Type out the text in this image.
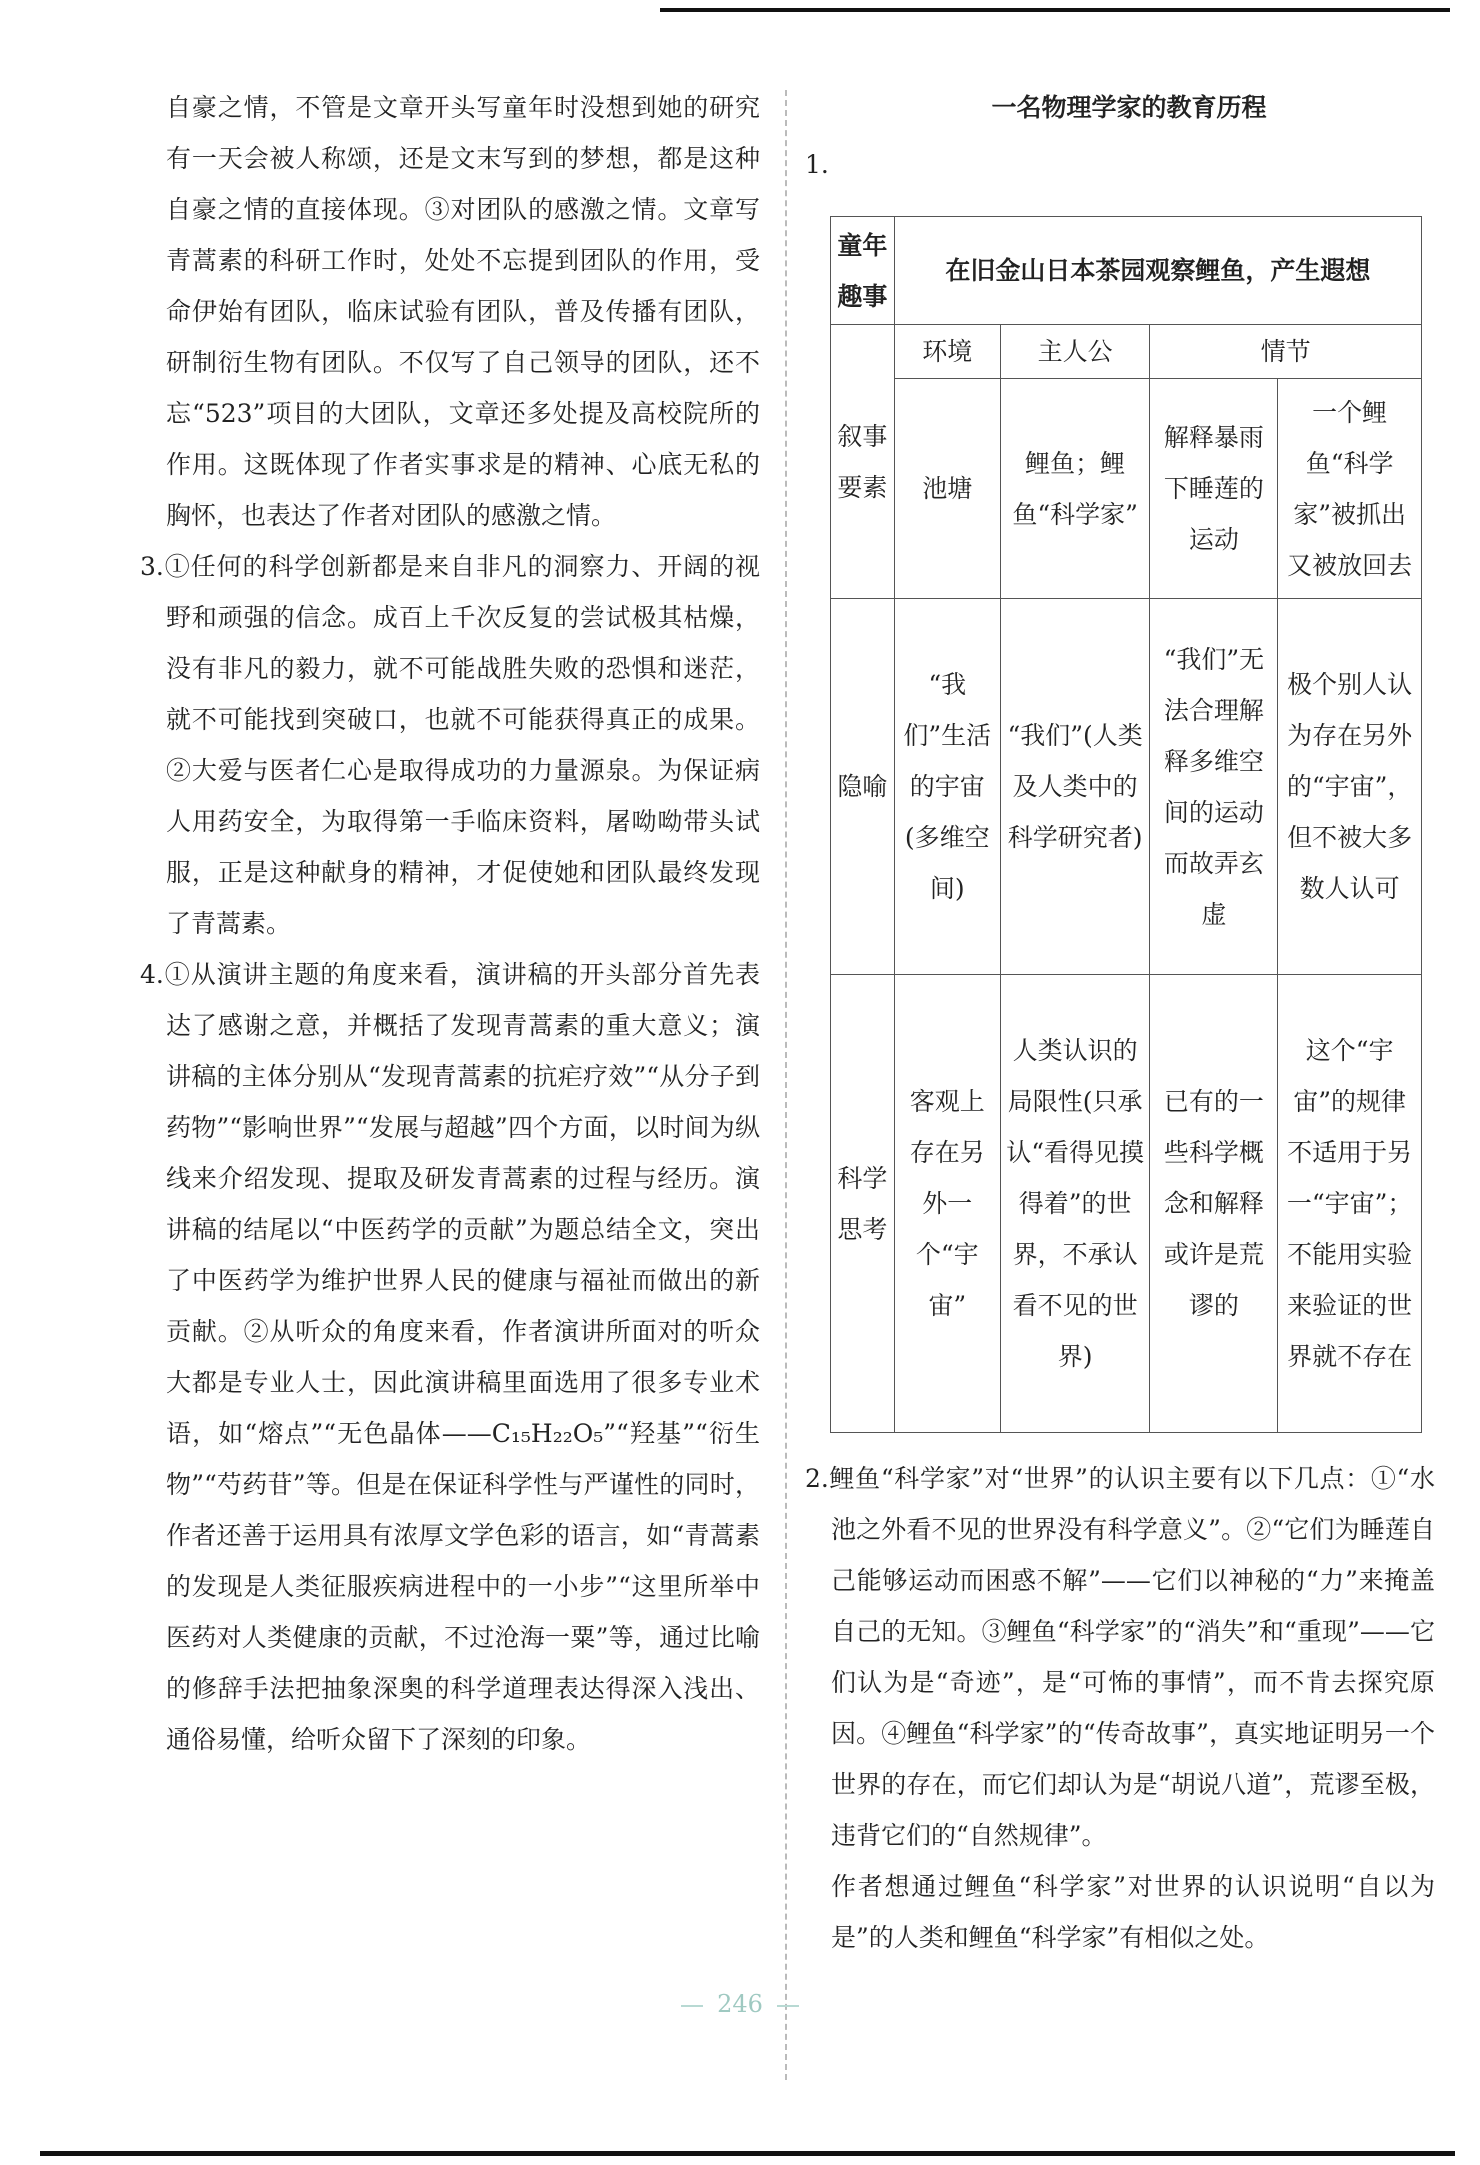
自豪之情，不管是文章开头写童年时没想到她的研究有一天会被人称颂，还是文末写到的梦想，都是这种自豪之情的直接体现。③对团队的感激之情。文章写青蒿素的科研工作时，处处不忘提到团队的作用，受命伊始有团队，临床试验有团队，普及传播有团队，研制衍生物有团队。不仅写了自己领导的团队，还不忘“523”项目的大团队，文章还多处提及高校院所的作用。这既体现了作者实事求是的精神、心底无私的胸怀，也表达了作者对团队的感激之情。

3.①任何的科学创新都是来自非凡的洞察力、开阔的视野和顽强的信念。成百上千次反复的尝试极其枯燥，没有非凡的毅力，就不可能战胜失败的恐惧和迷茫，就不可能找到突破口，也就不可能获得真正的成果。②大爱与医者仁心是取得成功的力量源泉。为保证病人用药安全，为取得第一手临床资料，屠呦呦带头试服，正是这种献身的精神，才促使她和团队最终发现了青蒿素。

4.①从演讲主题的角度来看，演讲稿的开头部分首先表达了感谢之意，并概括了发现青蒿素的重大意义；演讲稿的主体分别从“发现青蒿素的抗疟疗效”“从分子到药物”“影响世界”“发展与超越”四个方面，以时间为纵线来介绍发现、提取及研发青蒿素的过程与经历。演讲稿的结尾以“中医药学的贡献”为题总结全文，突出了中医药学为维护世界人民的健康与福祉而做出的新贡献。②从听众的角度来看，作者演讲所面对的听众大都是专业人士，因此演讲稿里面选用了很多专业术语，如“熔点”“无色晶体——C₁₅H₂₂O₅”“羟基”“衍生物”“芍药苷”等。但是在保证科学性与严谨性的同时，作者还善于运用具有浓厚文学色彩的语言，如“青蒿素的发现是人类征服疾病进程中的一小步”“这里所举中医药对人类健康的贡献，不过沧海一粟”等，通过比喻的修辞手法把抽象深奥的科学道理表达得深入浅出、通俗易懂，给听众留下了深刻的印象。

一名物理学家的教育历程
1.
童年趣事	在旧金山日本茶园观察鲤鱼，产生遐想			
叙事要素	环境	主人公	情节	
	池塘	鲤鱼；鲤鱼“科学家”	解释暴雨下睡莲的运动	一个鲤鱼“科学家”被抓出又被放回去
隐喻	“我们”生活的宇宙(多维空间)	“我们”(人类及人类中的科学研究者)	“我们”无法合理解释多维空间的运动而故弄玄虚	极个别人认为存在另外的“宇宙”，但不被大多数人认可
科学思考	客观上存在另外一个“宇宙”	人类认识的局限性(只承认“看得见摸得着”的世界，不承认看不见的世界)	已有的一些科学概念和解释或许是荒谬的	这个“宇宙”的规律不适用于另一“宇宙”；不能用实验来验证的世界就不存在

2.鲤鱼“科学家”对“世界”的认识主要有以下几点：①“水池之外看不见的世界没有科学意义”。②“它们为睡莲自己能够运动而困惑不解”——它们以神秘的“力”来掩盖自己的无知。③鲤鱼“科学家”的“消失”和“重现”——它们认为是“奇迹”，是“可怖的事情”，而不肯去探究原因。④鲤鱼“科学家”的“传奇故事”，真实地证明另一个世界的存在，而它们却认为是“胡说八道”，荒谬至极，违背它们的“自然规律”。

作者想通过鲤鱼“科学家”对世界的认识说明“自以为是”的人类和鲤鱼“科学家”有相似之处。

246
